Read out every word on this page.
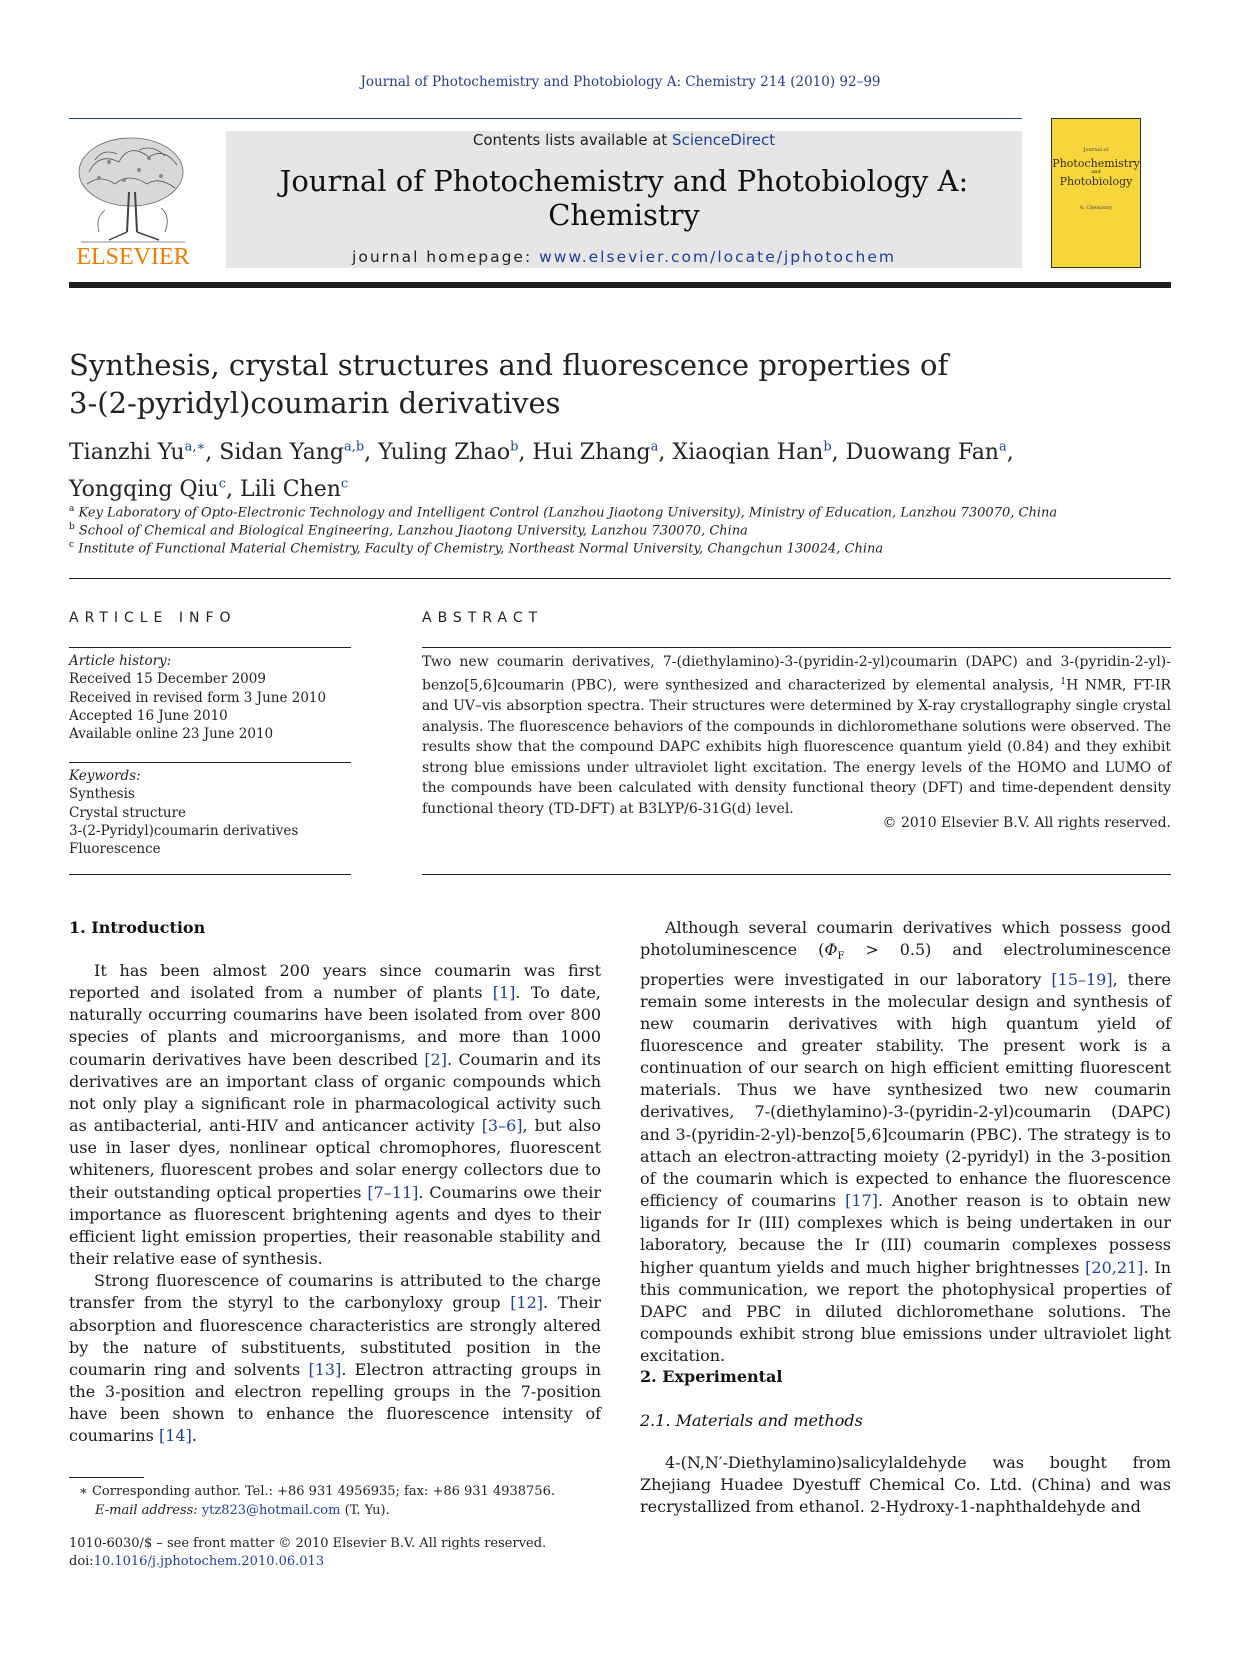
Journal of Photochemistry and Photobiology A: Chemistry 214 (2010) 92–99
ELSEVIER
Contents lists available at ScienceDirect
Journal of Photochemistry and Photobiology A:
Chemistry
journal homepage: www.elsevier.com/locate/jphotochem
Journal of
Photochemistry
and
Photobiology
A: Chemistry
Synthesis, crystal structures and fluorescence properties of
3-(2-pyridyl)coumarin derivatives
Tianzhi $Yu^{a,∗}$, Sidan Yang$^{a,b}$, Yuling Zhao$^b$, Hui Zhang$^a$, Xiaoqian Han$^b$, Duowang Fan$^a$,
Yongqing Qiu$^c$, Lili Chen$^c$
$^a$ Key Laboratory of Opto-Electronic Technology and Intelligent Control (Lanzhou Jiaotong University), Ministry of Education, Lanzhou 730070, China
$^b$ School of Chemical and Biological Engineering, Lanzhou Jiaotong University, Lanzhou 730070, China
$^c$ Institute of Functional Material Chemistry, Faculty of Chemistry, Northeast Normal University, Changchun 130024, China
ARTICLE INFO	ABSTRACT
Article history:
Received 15 December 2009
Received in revised form 3 June 2010
Accepted 16 June 2010
Available online 23 June 2010
Keywords:
Synthesis
Crystal structure
3-(2-Pyridyl)coumarin derivatives
Fluorescence
Two new coumarin derivatives, 7-(diethylamino)-3-(pyridin-2-yl)coumarin (DAPC) and 3-(pyridin-2-yl)-benzo[5,6]coumarin (PBC), were synthesized and characterized by elemental analysis, $^1$H NMR, FT-IR and UV–vis absorption spectra. Their structures were determined by X-ray crystallography single crystal analysis. The fluorescence behaviors of the compounds in dichloromethane solutions were observed. The results show that the compound DAPC exhibits high fluorescence quantum yield (0.84) and they exhibit strong blue emissions under ultraviolet light excitation. The energy levels of the HOMO and LUMO of the compounds have been calculated with density functional theory (DFT) and time-dependent density functional theory (TD-DFT) at B3LYP/6-31G(d) level.
© 2010 Elsevier B.V. All rights reserved.
1. Introduction

It has been almost 200 years since coumarin was first reported and isolated from a number of plants [1]. To date, naturally occurring coumarins have been isolated from over 800 species of plants and microorganisms, and more than 1000 coumarin derivatives have been described [2]. Coumarin and its derivatives are an important class of organic compounds which not only play a significant role in pharmacological activity such as antibacterial, anti-HIV and anticancer activity [3–6], but also use in laser dyes, nonlinear optical chromophores, fluorescent whiteners, fluorescent probes and solar energy collectors due to their outstanding optical properties [7–11]. Coumarins owe their importance as fluorescent brightening agents and dyes to their efficient light emission properties, their reasonable stability and their relative ease of synthesis.

Strong fluorescence of coumarins is attributed to the charge transfer from the styryl to the carbonyloxy group [12]. Their absorption and fluorescence characteristics are strongly altered by the nature of substituents, substituted position in the coumarin ring and solvents [13]. Electron attracting groups in the 3-position and electron repelling groups in the 7-position have been shown to enhance the fluorescence intensity of coumarins [14].

Although several coumarin derivatives which possess good photoluminescence $(\Phi_F > 0.5)$ and electroluminescence properties were investigated in our laboratory [15–19], there remain some interests in the molecular design and synthesis of new coumarin derivatives with high quantum yield of fluorescence and greater stability. The present work is a continuation of our search on high efficient emitting fluorescent materials. Thus we have synthesized two new coumarin derivatives, 7-(diethylamino)-3-(pyridin-2-yl)coumarin (DAPC) and 3-(pyridin-2-yl)-benzo[5,6]coumarin (PBC). The strategy is to attach an electron-attracting moiety (2-pyridyl) in the 3-position of the coumarin which is expected to enhance the fluorescence efficiency of coumarins [17]. Another reason is to obtain new ligands for Ir (III) complexes which is being undertaken in our laboratory, because the Ir (III) coumarin complexes possess higher quantum yields and much higher brightnesses [20,21]. In this communication, we report the photophysical properties of DAPC and PBC in diluted dichloromethane solutions. The compounds exhibit strong blue emissions under ultraviolet light excitation.

2. Experimental
2.1. Materials and methods

4-(N,N′-Diethylamino)salicylaldehyde was bought from Zhejiang Huadee Dyestuff Chemical Co. Ltd. (China) and was recrystallized from ethanol. 2-Hydroxy-1-naphthaldehyde and

∗ Corresponding author. Tel.: +86 931 4956935; fax: +86 931 4938756.
E-mail address: ytz823@hotmail.com (T. Yu).
1010-6030/$ – see front matter © 2010 Elsevier B.V. All rights reserved.
doi:10.1016/j.jphotochem.2010.06.013
